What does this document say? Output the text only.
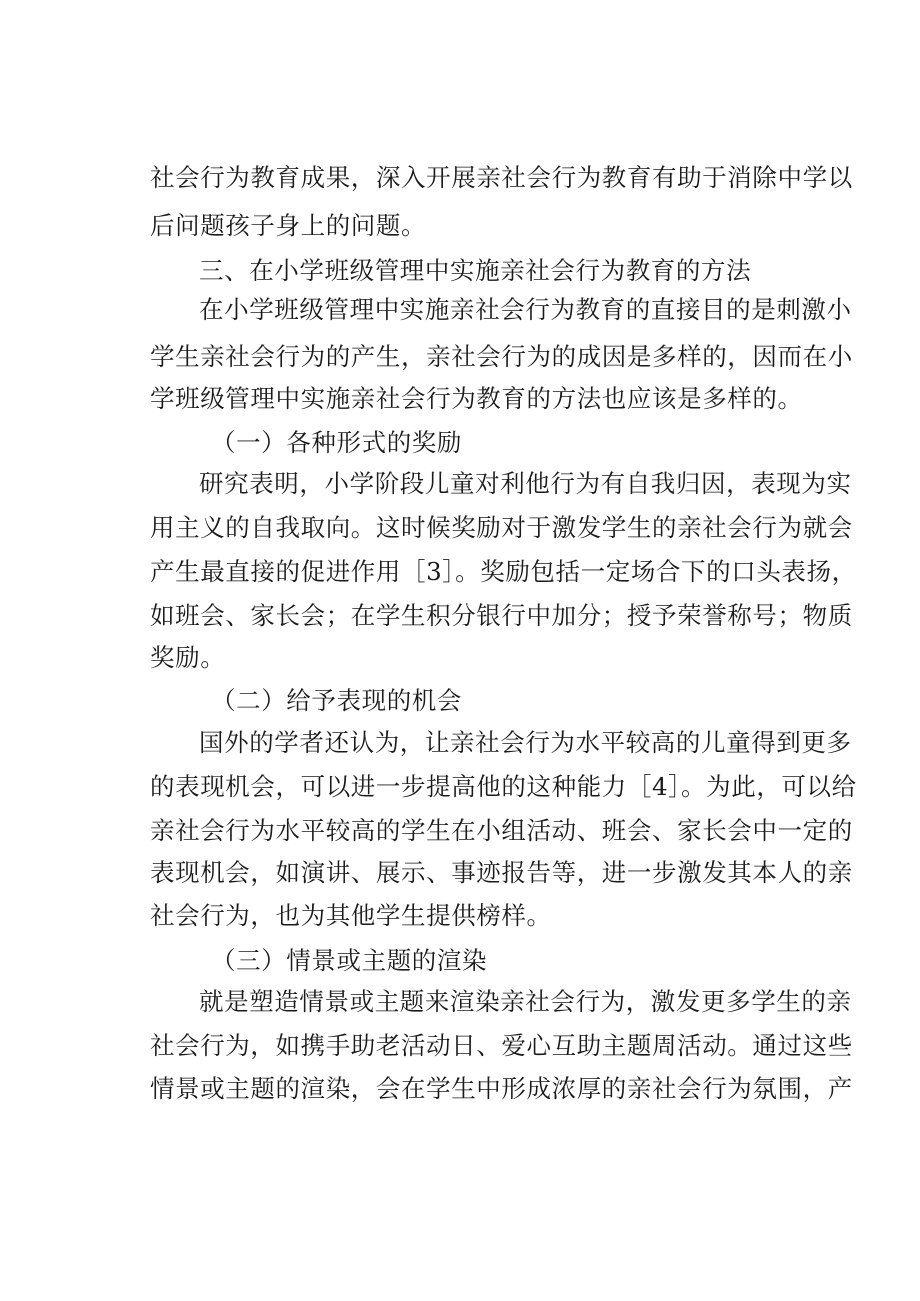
社会行为教育成果，深入开展亲社会行为教育有助于消除中学以
后问题孩子身上的问题。
三、在小学班级管理中实施亲社会行为教育的方法
在小学班级管理中实施亲社会行为教育的直接目的是刺激小
学生亲社会行为的产生，亲社会行为的成因是多样的，因而在小
学班级管理中实施亲社会行为教育的方法也应该是多样的。
（一）各种形式的奖励
研究表明，小学阶段儿童对利他行为有自我归因，表现为实
用主义的自我取向。这时候奖励对于激发学生的亲社会行为就会
产生最直接的促进作用［3］。奖励包括一定场合下的口头表扬，
如班会、家长会；在学生积分银行中加分；授予荣誉称号；物质
奖励。
（二）给予表现的机会
国外的学者还认为，让亲社会行为水平较高的儿童得到更多
的表现机会，可以进一步提高他的这种能力［4］。为此，可以给
亲社会行为水平较高的学生在小组活动、班会、家长会中一定的
表现机会，如演讲、展示、事迹报告等，进一步激发其本人的亲
社会行为，也为其他学生提供榜样。
（三）情景或主题的渲染
就是塑造情景或主题来渲染亲社会行为，激发更多学生的亲
社会行为，如携手助老活动日、爱心互助主题周活动。通过这些
情景或主题的渲染，会在学生中形成浓厚的亲社会行为氛围，产
